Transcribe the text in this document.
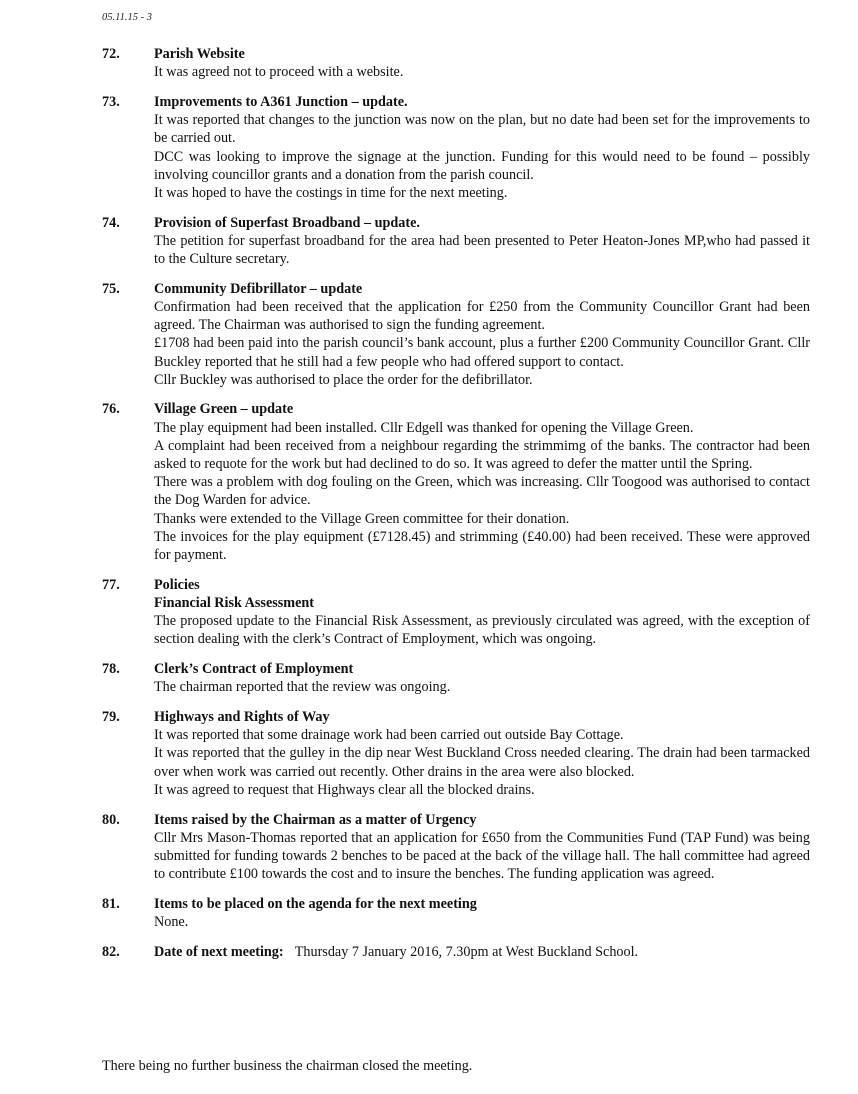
05.11.15 - 3
72.	Parish Website

It was agreed not to proceed with a website.

73.	Improvements to A361 Junction – update.

It was reported that changes to the junction was now on the plan, but no date had been set for the improvements to be carried out.

DCC was looking to improve the signage at the junction. Funding for this would need to be found – possibly involving councillor grants and a donation from the parish council.

It was hoped to have the costings in time for the next meeting.

74.	Provision of Superfast Broadband – update.

The petition for superfast broadband for the area had been presented to Peter Heaton-Jones MP,who had passed it to the Culture secretary.

75.	Community Defibrillator – update

Confirmation had been received that the application for £250 from the Community Councillor Grant had been agreed. The Chairman was authorised to sign the funding agreement.

£1708 had been paid into the parish council’s bank account, plus a further £200 Community Councillor Grant. Cllr Buckley reported that he still had a few people who had offered support to contact.

Cllr Buckley was authorised to place the order for the defibrillator.

76.	Village Green – update

The play equipment had been installed. Cllr Edgell was thanked for opening the Village Green.

A complaint had been received from a neighbour regarding the strimmimg of the banks. The contractor had been asked to requote for the work but had declined to do so. It was agreed to defer the matter until the Spring.

There was a problem with dog fouling on the Green, which was increasing. Cllr Toogood was authorised to contact the Dog Warden for advice.

Thanks were extended to the Village Green committee for their donation.

The invoices for the play equipment (£7128.45) and strimming (£40.00) had been received. These were approved for payment.

77.	Policies
Financial Risk Assessment

The proposed update to the Financial Risk Assessment, as previously circulated was agreed, with the exception of section dealing with the clerk’s Contract of Employment, which was ongoing.

78.	Clerk’s Contract of Employment

The chairman reported that the review was ongoing.

79.	Highways and Rights of Way

It was reported that some drainage work had been carried out outside Bay Cottage.

It was reported that the gulley in the dip near West Buckland Cross needed clearing. The drain had been tarmacked over when work was carried out recently. Other drains in the area were also blocked.

It was agreed to request that Highways clear all the blocked drains.

80.	Items raised by the Chairman as a matter of Urgency

Cllr Mrs Mason-Thomas reported that an application for £650 from the Communities Fund (TAP Fund) was being submitted for funding towards 2 benches to be paced at the back of the village hall. The hall committee had agreed to contribute £100 towards the cost and to insure the benches. The funding application was agreed.

81.	Items to be placed on the agenda for the next meeting

None.

82.	Date of next meeting: Thursday 7 January 2016, 7.30pm at West Buckland School.
There being no further business the chairman closed the meeting.
